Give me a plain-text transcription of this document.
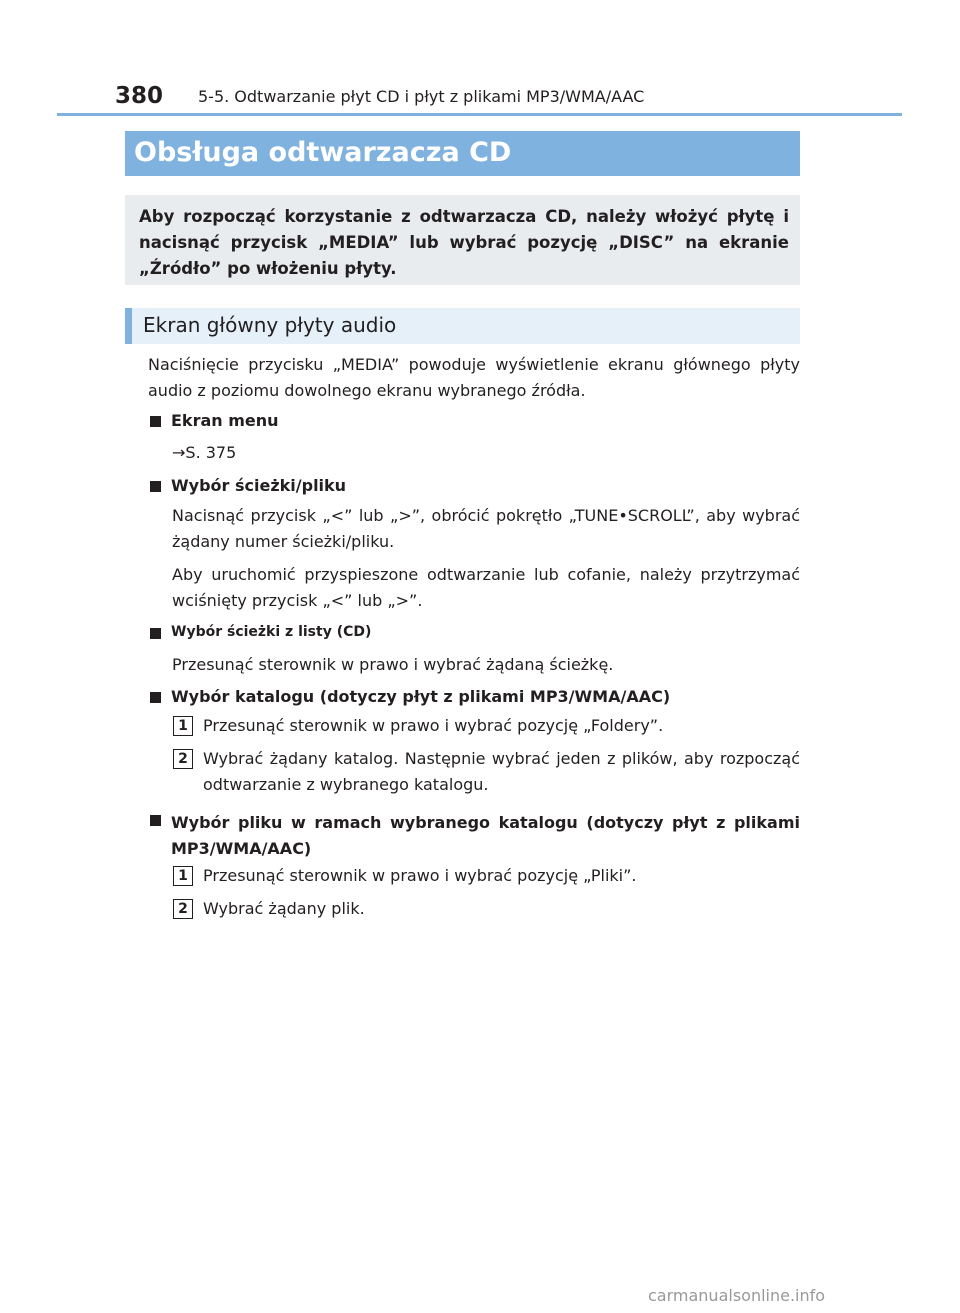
380 5-5. Odtwarzanie płyt CD i płyt z plikami MP3/WMA/AAC
Obsługa odtwarzacza CD
Aby rozpocząć korzystanie z odtwarzacza CD, należy włożyć płytę i nacisnąć przycisk „MEDIA” lub wybrać pozycję „DISC” na ekranie „Źródło” po włożeniu płyty.
Ekran główny płyty audio
Naciśnięcie przycisku „MEDIA” powoduje wyświetlenie ekranu głównego płyty audio z poziomu dowolnego ekranu wybranego źródła.
Ekran menu
→S. 375
Wybór ścieżki/pliku
Nacisnąć przycisk „<” lub „>”, obrócić pokrętło „TUNE•SCROLL”, aby wybrać żądany numer ścieżki/pliku.
Aby uruchomić przyspieszone odtwarzanie lub cofanie, należy przytrzymać wciśnięty przycisk „<” lub „>”.
Wybór ścieżki z listy (CD)
Przesunąć sterownik w prawo i wybrać żądaną ścieżkę.
Wybór katalogu (dotyczy płyt z plikami MP3/WMA/AAC)
1 Przesunąć sterownik w prawo i wybrać pozycję „Foldery”.
2 Wybrać żądany katalog. Następnie wybrać jeden z plików, aby rozpocząć odtwarzanie z wybranego katalogu.
Wybór pliku w ramach wybranego katalogu (dotyczy płyt z plikami MP3/WMA/AAC)
1 Przesunąć sterownik w prawo i wybrać pozycję „Pliki”.
2 Wybrać żądany plik.
carmanualsonline.info
